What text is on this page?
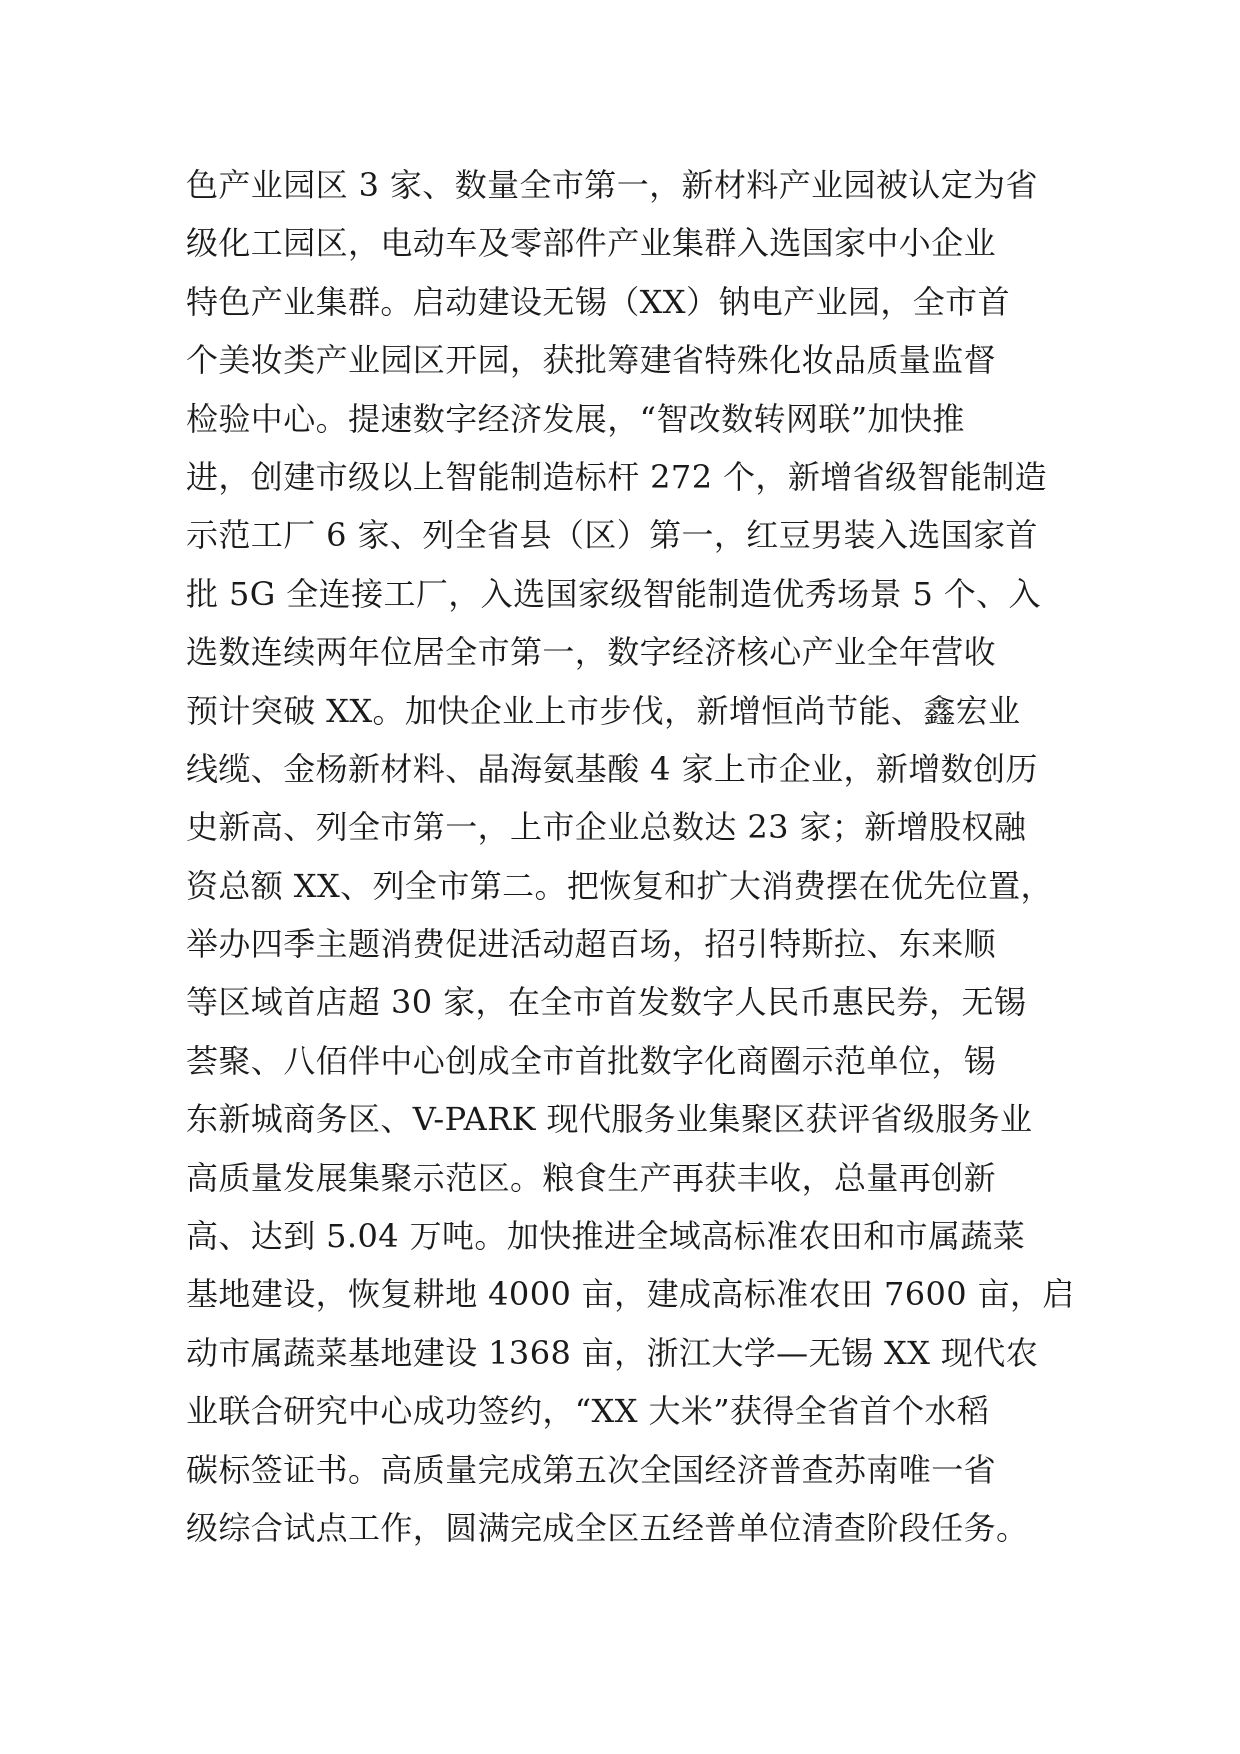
色产业园区 3 家、数量全市第一，新材料产业园被认定为省
级化工园区，电动车及零部件产业集群入选国家中小企业
特色产业集群。启动建设无锡（XX）钠电产业园，全市首
个美妆类产业园区开园，获批筹建省特殊化妆品质量监督
检验中心。提速数字经济发展，“智改数转网联”加快推
进，创建市级以上智能制造标杆 272 个，新增省级智能制造
示范工厂 6 家、列全省县（区）第一，红豆男装入选国家首
批 5G 全连接工厂，入选国家级智能制造优秀场景 5 个、入
选数连续两年位居全市第一，数字经济核心产业全年营收
预计突破 XX。加快企业上市步伐，新增恒尚节能、鑫宏业
线缆、金杨新材料、晶海氨基酸 4 家上市企业，新增数创历
史新高、列全市第一，上市企业总数达 23 家；新增股权融
资总额 XX、列全市第二。把恢复和扩大消费摆在优先位置，
举办四季主题消费促进活动超百场，招引特斯拉、东来顺
等区域首店超 30 家，在全市首发数字人民币惠民券，无锡
荟聚、八佰伴中心创成全市首批数字化商圈示范单位，锡
东新城商务区、V-PARK 现代服务业集聚区获评省级服务业
高质量发展集聚示范区。粮食生产再获丰收，总量再创新
高、达到 5.04 万吨。加快推进全域高标准农田和市属蔬菜
基地建设，恢复耕地 4000 亩，建成高标准农田 7600 亩，启
动市属蔬菜基地建设 1368 亩，浙江大学—无锡 XX 现代农
业联合研究中心成功签约，“XX 大米”获得全省首个水稻
碳标签证书。高质量完成第五次全国经济普查苏南唯一省
级综合试点工作，圆满完成全区五经普单位清查阶段任务。
